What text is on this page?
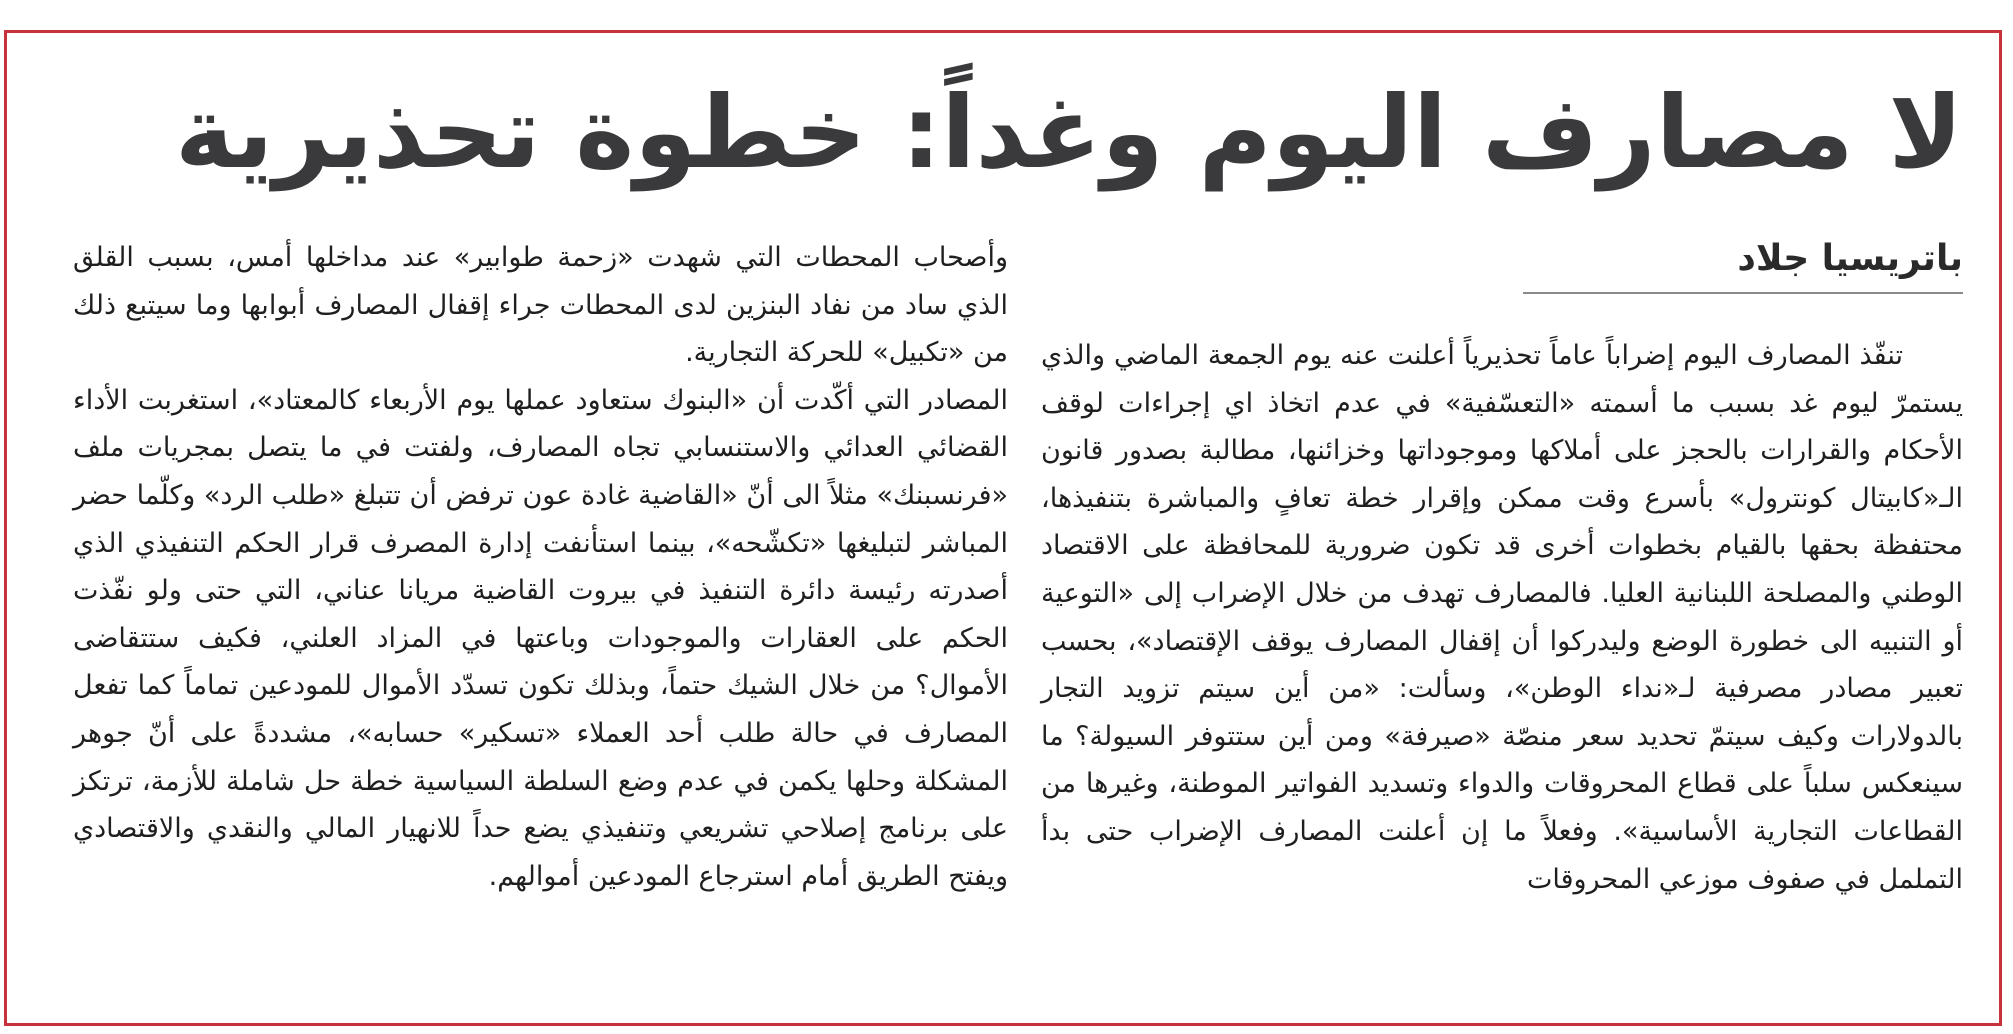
لا مصارف اليوم وغداً: خطوة تحذيرية
باتريسيا جلاد

تنفّذ المصارف اليوم إضراباً عاماً تحذيرياً أعلنت عنه يوم الجمعة الماضي والذي يستمرّ ليوم غد بسبب ما أسمته «التعسّفية» في عدم اتخاذ اي إجراءات لوقف الأحكام والقرارات بالحجز على أملاكها وموجوداتها وخزائنها، مطالبة بصدور قانون الـ«كابيتال كونترول» بأسرع وقت ممكن وإقرار خطة تعافٍ والمباشرة بتنفيذها، محتفظة بحقها بالقيام بخطوات أخرى قد تكون ضرورية للمحافظة على الاقتصاد الوطني والمصلحة اللبنانية العليا. فالمصارف تهدف من خلال الإضراب إلى «التوعية أو التنبيه الى خطورة الوضع وليدركوا أن إقفال المصارف يوقف الإقتصاد»، بحسب تعبير مصادر مصرفية لـ«نداء الوطن»، وسألت: «من أين سيتم تزويد التجار بالدولارات وكيف سيتمّ تحديد سعر منصّة «صيرفة» ومن أين ستتوفر السيولة؟ ما سينعكس سلباً على قطاع المحروقات والدواء وتسديد الفواتير الموطنة، وغيرها من القطاعات التجارية الأساسية». وفعلاً ما إن أعلنت المصارف الإضراب حتى بدأ التململ في صفوف موزعي المحروقات

وأصحاب المحطات التي شهدت «زحمة طوابير» عند مداخلها أمس، بسبب القلق الذي ساد من نفاد البنزين لدى المحطات جراء إقفال المصارف أبوابها وما سيتبع ذلك من «تكبيل» للحركة التجارية.

المصادر التي أكّدت أن «البنوك ستعاود عملها يوم الأربعاء كالمعتاد»، استغربت الأداء القضائي العدائي والاستنسابي تجاه المصارف، ولفتت في ما يتصل بمجريات ملف «فرنسبنك» مثلاً الى أنّ «القاضية غادة عون ترفض أن تتبلغ «طلب الرد» وكلّما حضر المباشر لتبليغها «تكشّحه»، بينما استأنفت إدارة المصرف قرار الحكم التنفيذي الذي أصدرته رئيسة دائرة التنفيذ في بيروت القاضية مريانا عناني، التي حتى ولو نفّذت الحكم على العقارات والموجودات وباعتها في المزاد العلني، فكيف ستتقاضى الأموال؟ من خلال الشيك حتماً، وبذلك تكون تسدّد الأموال للمودعين تماماً كما تفعل المصارف في حالة طلب أحد العملاء «تسكير» حسابه»، مشددةً على أنّ جوهر المشكلة وحلها يكمن في عدم وضع السلطة السياسية خطة حل شاملة للأزمة، ترتكز على برنامج إصلاحي تشريعي وتنفيذي يضع حداً للانهيار المالي والنقدي والاقتصادي ويفتح الطريق أمام استرجاع المودعين أموالهم.
